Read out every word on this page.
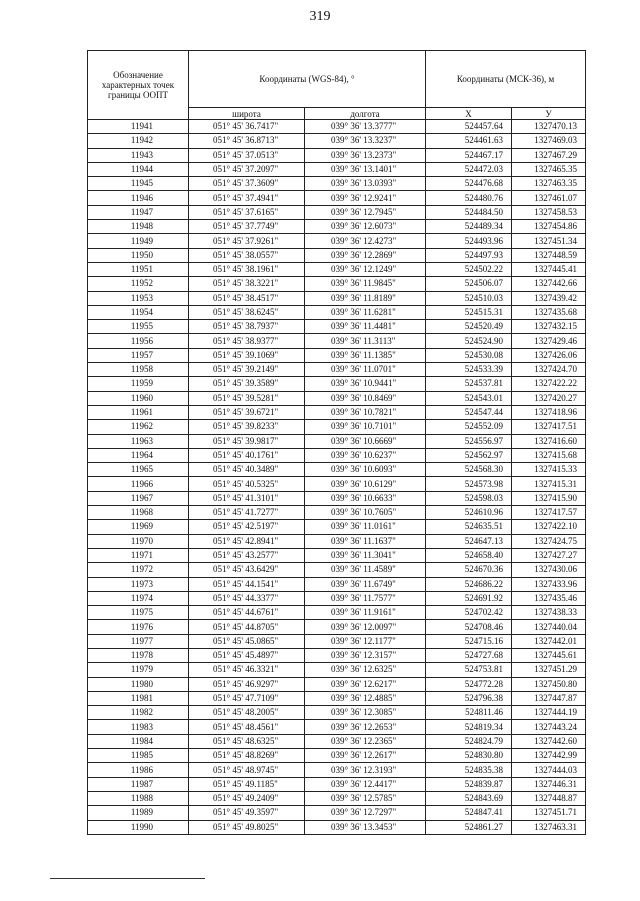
319
Обозначение характерных точек границы ООПТ	Координаты (WGS-84), °		Координаты (МСК-36), м	
	широта	долгота	X	У
11941	051° 45' 36.7417"	039° 36' 13.3777"	524457.64	1327470.13
11942	051° 45' 36.8713"	039° 36' 13.3237"	524461.63	1327469.03
11943	051° 45' 37.0513"	039° 36' 13.2373"	524467.17	1327467.29
11944	051° 45' 37.2097"	039° 36' 13.1401"	524472.03	1327465.35
11945	051° 45' 37.3609"	039° 36' 13.0393"	524476.68	1327463.35
11946	051° 45' 37.4941"	039° 36' 12.9241"	524480.76	1327461.07
11947	051° 45' 37.6165"	039° 36' 12.7945"	524484.50	1327458.53
11948	051° 45' 37.7749"	039° 36' 12.6073"	524489.34	1327454.86
11949	051° 45' 37.9261"	039° 36' 12.4273"	524493.96	1327451.34
11950	051° 45' 38.0557"	039° 36' 12.2869"	524497.93	1327448.59
11951	051° 45' 38.1961"	039° 36' 12.1249"	524502.22	1327445.41
11952	051° 45' 38.3221"	039° 36' 11.9845"	524506.07	1327442.66
11953	051° 45' 38.4517"	039° 36' 11.8189"	524510.03	1327439.42
11954	051° 45' 38.6245"	039° 36' 11.6281"	524515.31	1327435.68
11955	051° 45' 38.7937"	039° 36' 11.4481"	524520.49	1327432.15
11956	051° 45' 38.9377"	039° 36' 11.3113"	524524.90	1327429.46
11957	051° 45' 39.1069"	039° 36' 11.1385"	524530.08	1327426.06
11958	051° 45' 39.2149"	039° 36' 11.0701"	524533.39	1327424.70
11959	051° 45' 39.3589"	039° 36' 10.9441"	524537.81	1327422.22
11960	051° 45' 39.5281"	039° 36' 10.8469"	524543.01	1327420.27
11961	051° 45' 39.6721"	039° 36' 10.7821"	524547.44	1327418.96
11962	051° 45' 39.8233"	039° 36' 10.7101"	524552.09	1327417.51
11963	051° 45' 39.9817"	039° 36' 10.6669"	524556.97	1327416.60
11964	051° 45' 40.1761"	039° 36' 10.6237"	524562.97	1327415.68
11965	051° 45' 40.3489"	039° 36' 10.6093"	524568.30	1327415.33
11966	051° 45' 40.5325"	039° 36' 10.6129"	524573.98	1327415.31
11967	051° 45' 41.3101"	039° 36' 10.6633"	524598.03	1327415.90
11968	051° 45' 41.7277"	039° 36' 10.7605"	524610.96	1327417.57
11969	051° 45' 42.5197"	039° 36' 11.0161"	524635.51	1327422.10
11970	051° 45' 42.8941"	039° 36' 11.1637"	524647.13	1327424.75
11971	051° 45' 43.2577"	039° 36' 11.3041"	524658.40	1327427.27
11972	051° 45' 43.6429"	039° 36' 11.4589"	524670.36	1327430.06
11973	051° 45' 44.1541"	039° 36' 11.6749"	524686.22	1327433.96
11974	051° 45' 44.3377"	039° 36' 11.7577"	524691.92	1327435.46
11975	051° 45' 44.6761"	039° 36' 11.9161"	524702.42	1327438.33
11976	051° 45' 44.8705"	039° 36' 12.0097"	524708.46	1327440.04
11977	051° 45' 45.0865"	039° 36' 12.1177"	524715.16	1327442.01
11978	051° 45' 45.4897"	039° 36' 12.3157"	524727.68	1327445.61
11979	051° 45' 46.3321"	039° 36' 12.6325"	524753.81	1327451.29
11980	051° 45' 46.9297"	039° 36' 12.6217"	524772.28	1327450.80
11981	051° 45' 47.7109"	039° 36' 12.4885"	524796.38	1327447.87
11982	051° 45' 48.2005"	039° 36' 12.3085"	524811.46	1327444.19
11983	051° 45' 48.4561"	039° 36' 12.2653"	524819.34	1327443.24
11984	051° 45' 48.6325"	039° 36' 12.2365"	524824.79	1327442.60
11985	051° 45' 48.8269"	039° 36' 12.2617"	524830.80	1327442.99
11986	051° 45' 48.9745"	039° 36' 12.3193"	524835.38	1327444.03
11987	051° 45' 49.1185"	039° 36' 12.4417"	524839.87	1327446.31
11988	051° 45' 49.2409"	039° 36' 12.5785"	524843.69	1327448.87
11989	051° 45' 49.3597"	039° 36' 12.7297"	524847.41	1327451.71
11990	051° 45' 49.8025"	039° 36' 13.3453"	524861.27	1327463.31
